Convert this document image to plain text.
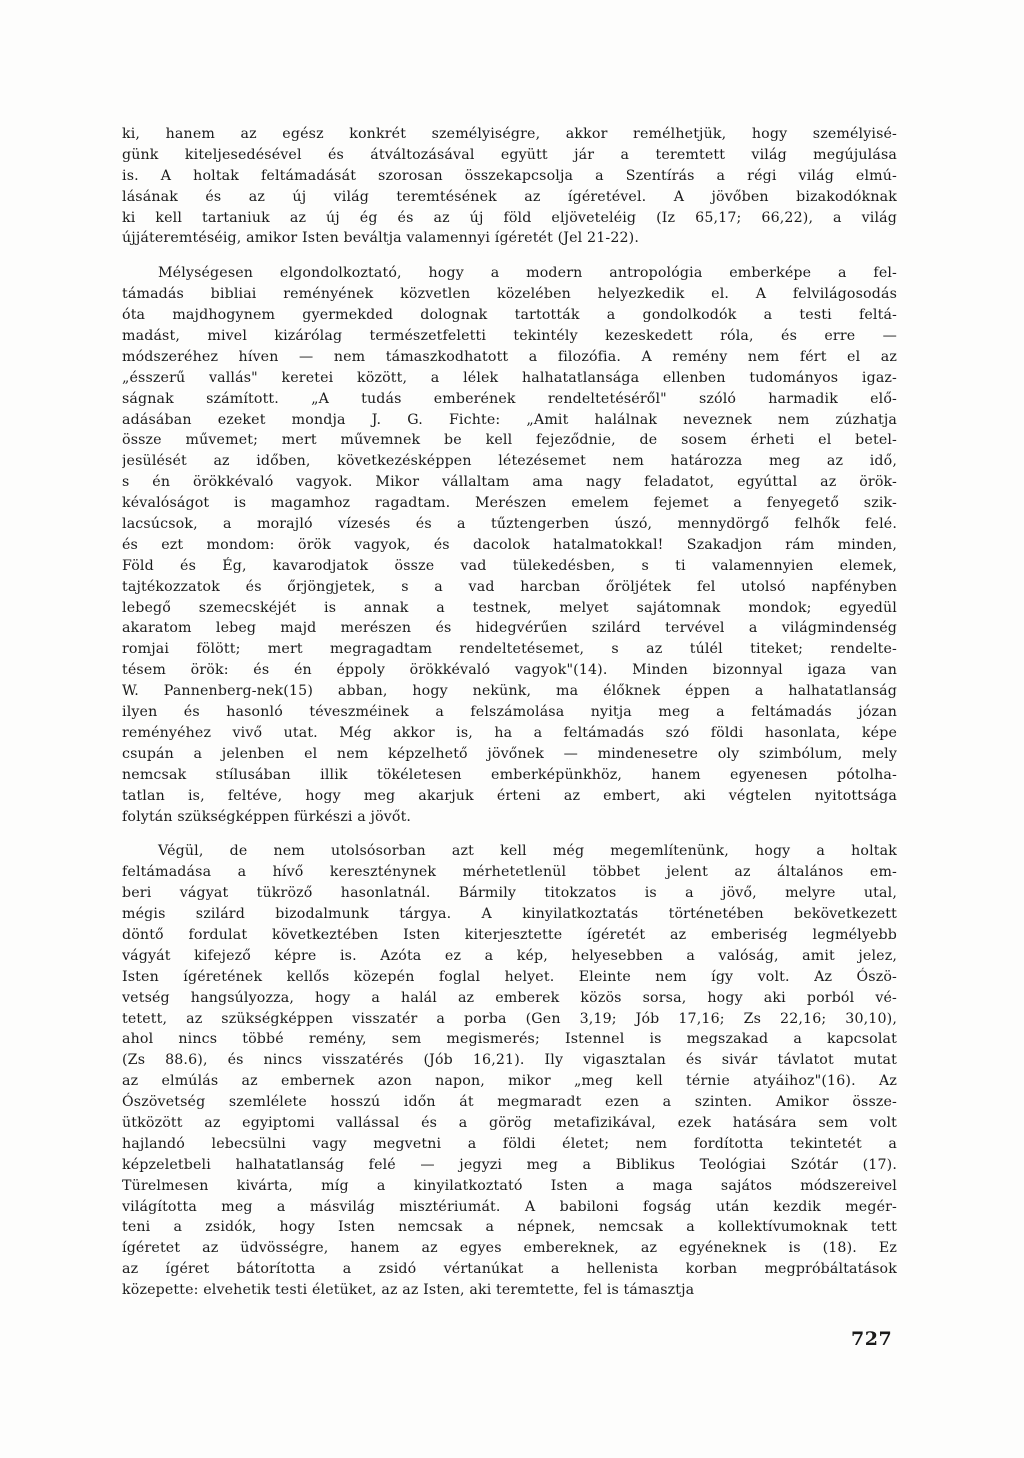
ki, hanem az egész konkrét személyiségre, akkor remélhetjük, hogy személyisé-
günk kiteljesedésével és átváltozásával együtt jár a teremtett világ megújulása
is. A holtak feltámadását szorosan összekapcsolja a Szentírás a régi világ elmú-
lásának és az új világ teremtésének az ígéretével. A jövőben bizakodóknak
ki kell tartaniuk az új ég és az új föld eljöveteléig (Iz 65,17; 66,22), a világ
újjáteremtéséig, amikor Isten beváltja valamennyi ígéretét (Jel 21-22).

Mélységesen elgondolkoztató, hogy a modern antropológia emberképe a fel-
támadás bibliai reményének közvetlen közelében helyezkedik el. A felvilágosodás
óta majdhogynem gyermekded dolognak tartották a gondolkodók a testi feltá-
madást, mivel kizárólag természetfeletti tekintély kezeskedett róla, és erre —
módszeréhez híven — nem támaszkodhatott a filozófia. A remény nem fért el az
„ésszerű vallás" keretei között, a lélek halhatatlansága ellenben tudományos igaz-
ságnak számított. „A tudás emberének rendeltetéséről" szóló harmadik elő-
adásában ezeket mondja J. G. Fichte: „Amit halálnak neveznek nem zúzhatja
össze művemet; mert művemnek be kell fejeződnie, de sosem érheti el betel-
jesülését az időben, következésképpen létezésemet nem határozza meg az idő,
s én örökkévaló vagyok. Mikor vállaltam ama nagy feladatot, egyúttal az örök-
kévalóságot is magamhoz ragadtam. Merészen emelem fejemet a fenyegető szik-
lacsúcsok, a morajló vízesés és a tűztengerben úszó, mennydörgő felhők felé.
és ezt mondom: örök vagyok, és dacolok hatalmatokkal! Szakadjon rám minden,
Föld és Ég, kavarodjatok össze vad tülekedésben, s ti valamennyien elemek,
tajtékozzatok és őrjöngjetek, s a vad harcban őröljétek fel utolsó napfényben
lebegő szemecskéjét is annak a testnek, melyet sajátomnak mondok; egyedül
akaratom lebeg majd merészen és hidegvérűen szilárd tervével a világmindenség
romjai fölött; mert megragadtam rendeltetésemet, s az túlél titeket; rendelte-
tésem örök: és én éppoly örökkévaló vagyok"(14). Minden bizonnyal igaza van
W. Pannenberg-nek(15) abban, hogy nekünk, ma élőknek éppen a halhatatlanság
ilyen és hasonló téveszméinek a felszámolása nyitja meg a feltámadás józan
reményéhez vivő utat. Még akkor is, ha a feltámadás szó földi hasonlata, képe
csupán a jelenben el nem képzelhető jövőnek — mindenesetre oly szimbólum, mely
nemcsak stílusában illik tökéletesen emberképünkhöz, hanem egyenesen pótolha-
tatlan is, feltéve, hogy meg akarjuk érteni az embert, aki végtelen nyitottsága
folytán szükségképpen fürkészi a jövőt.

Végül, de nem utolsósorban azt kell még megemlítenünk, hogy a holtak
feltámadása a hívő kereszténynek mérhetetlenül többet jelent az általános em-
beri vágyat tükröző hasonlatnál. Bármily titokzatos is a jövő, melyre utal,
mégis szilárd bizodalmunk tárgya. A kinyilatkoztatás történetében bekövetkezett
döntő fordulat következtében Isten kiterjesztette ígéretét az emberiség legmélyebb
vágyát kifejező képre is. Azóta ez a kép, helyesebben a valóság, amit jelez,
Isten ígéretének kellős közepén foglal helyet. Eleinte nem így volt. Az Ószö-
vetség hangsúlyozza, hogy a halál az emberek közös sorsa, hogy aki porból vé-
tetett, az szükségképpen visszatér a porba (Gen 3,19; Jób 17,16; Zs 22,16; 30,10),
ahol nincs többé remény, sem megismerés; Istennel is megszakad a kapcsolat
(Zs 88.6), és nincs visszatérés (Jób 16,21). Ily vigasztalan és sivár távlatot mutat
az elmúlás az embernek azon napon, mikor „meg kell térnie atyáihoz"(16). Az
Ószövetség szemlélete hosszú időn át megmaradt ezen a szinten. Amikor össze-
ütközött az egyiptomi vallással és a görög metafizikával, ezek hatására sem volt
hajlandó lebecsülni vagy megvetni a földi életet; nem fordította tekintetét a
képzeletbeli halhatatlanság felé — jegyzi meg a Biblikus Teológiai Szótár (17).
Türelmesen kivárta, míg a kinyilatkoztató Isten a maga sajátos módszereivel
világította meg a másvilág misztériumát. A babiloni fogság után kezdik megér-
teni a zsidók, hogy Isten nemcsak a népnek, nemcsak a kollektívumoknak tett
ígéretet az üdvösségre, hanem az egyes embereknek, az egyéneknek is (18). Ez
az ígéret bátorította a zsidó vértanúkat a hellenista korban megpróbáltatások
közepette: elvehetik testi életüket, az az Isten, aki teremtette, fel is támasztja

727
